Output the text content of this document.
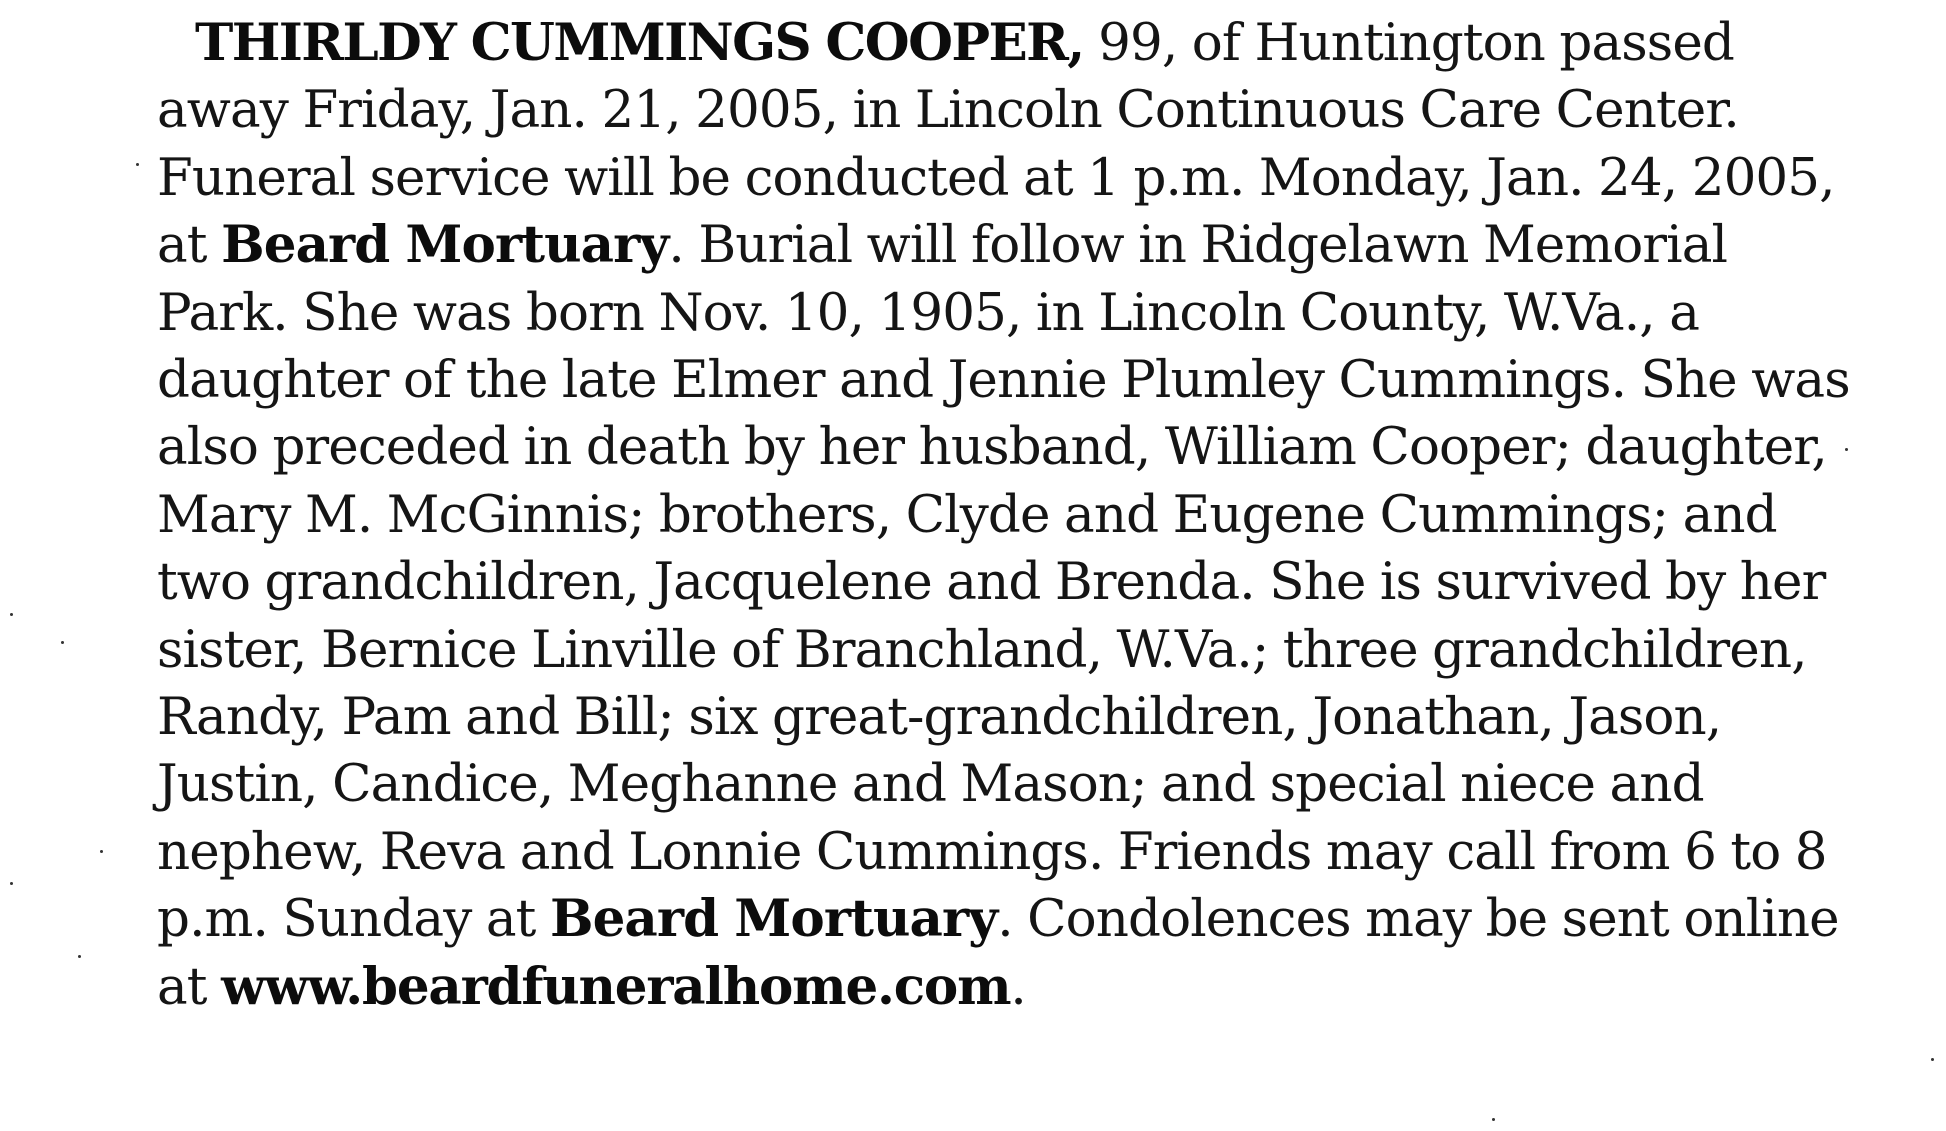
THIRLDY CUMMINGS COOPER, 99, of Huntington passed
away Friday, Jan. 21, 2005, in Lincoln Continuous Care Center.
Funeral service will be conducted at 1 p.m. Monday, Jan. 24, 2005,
at Beard Mortuary. Burial will follow in Ridgelawn Memorial
Park. She was born Nov. 10, 1905, in Lincoln County, W.Va., a
daughter of the late Elmer and Jennie Plumley Cummings. She was
also preceded in death by her husband, William Cooper; daughter,
Mary M. McGinnis; brothers, Clyde and Eugene Cummings; and
two grandchildren, Jacquelene and Brenda. She is survived by her
sister, Bernice Linville of Branchland, W.Va.; three grandchildren,
Randy, Pam and Bill; six great-grandchildren, Jonathan, Jason,
Justin, Candice, Meghanne and Mason; and special niece and
nephew, Reva and Lonnie Cummings. Friends may call from 6 to 8
p.m. Sunday at Beard Mortuary. Condolences may be sent online
at www.beardfuneralhome.com.
